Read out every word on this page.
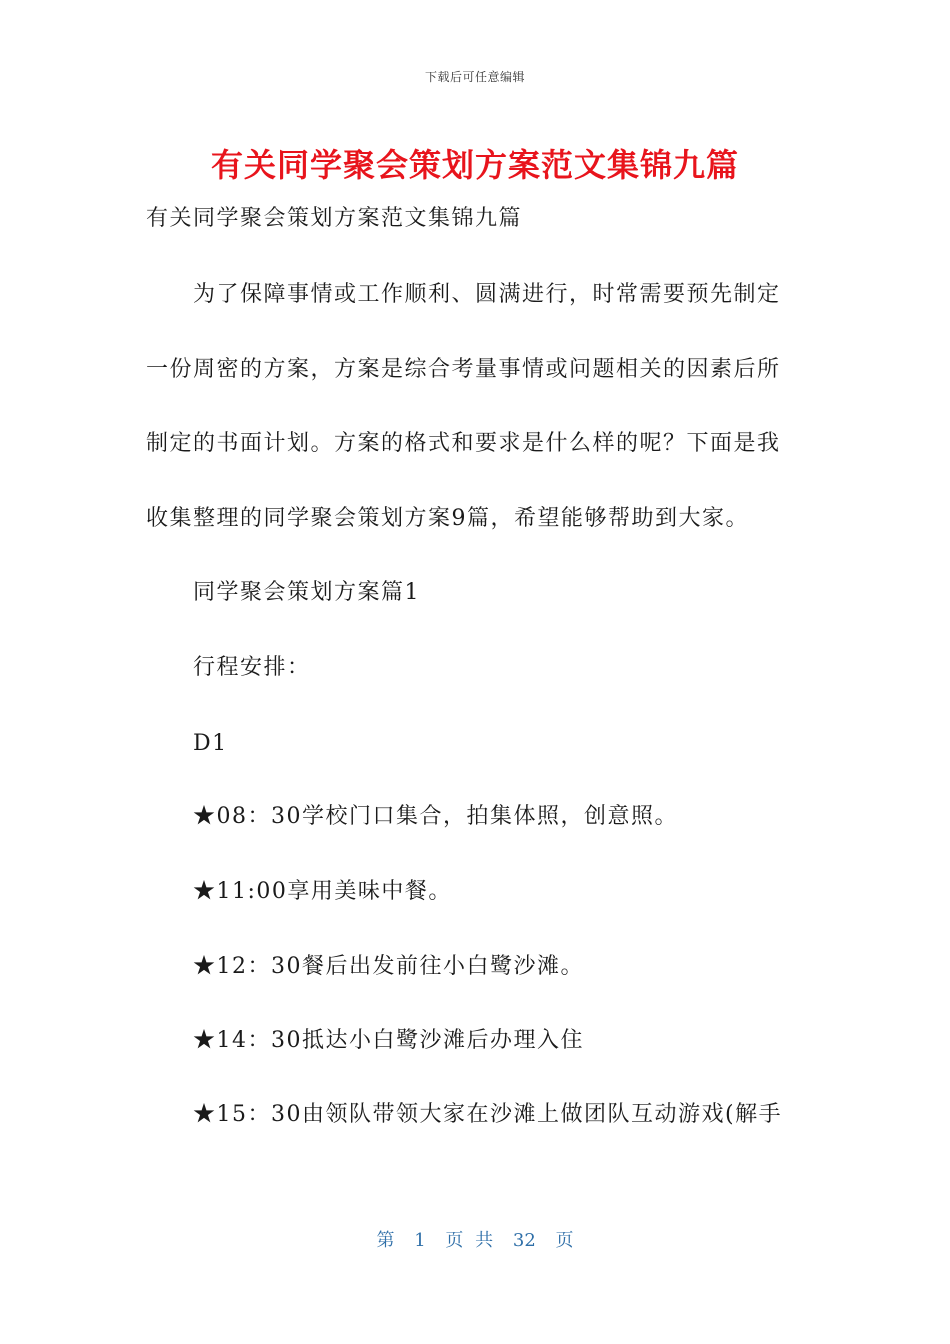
下载后可任意编辑
有关同学聚会策划方案范文集锦九篇

有关同学聚会策划方案范文集锦九篇

为了保障事情或工作顺利、圆满进行，时常需要预先制定

一份周密的方案，方案是综合考量事情或问题相关的因素后所

制定的书面计划。方案的格式和要求是什么样的呢？下面是我

收集整理的同学聚会策划方案9篇，希望能够帮助到大家。

同学聚会策划方案篇1

行程安排：

D1

★08：30学校门口集合，拍集体照，创意照。

★11:00享用美味中餐。

★12：30餐后出发前往小白鹭沙滩。

★14：30抵达小白鹭沙滩后办理入住

★15：30由领队带领大家在沙滩上做团队互动游戏(解手

第 1 页 共 32 页
